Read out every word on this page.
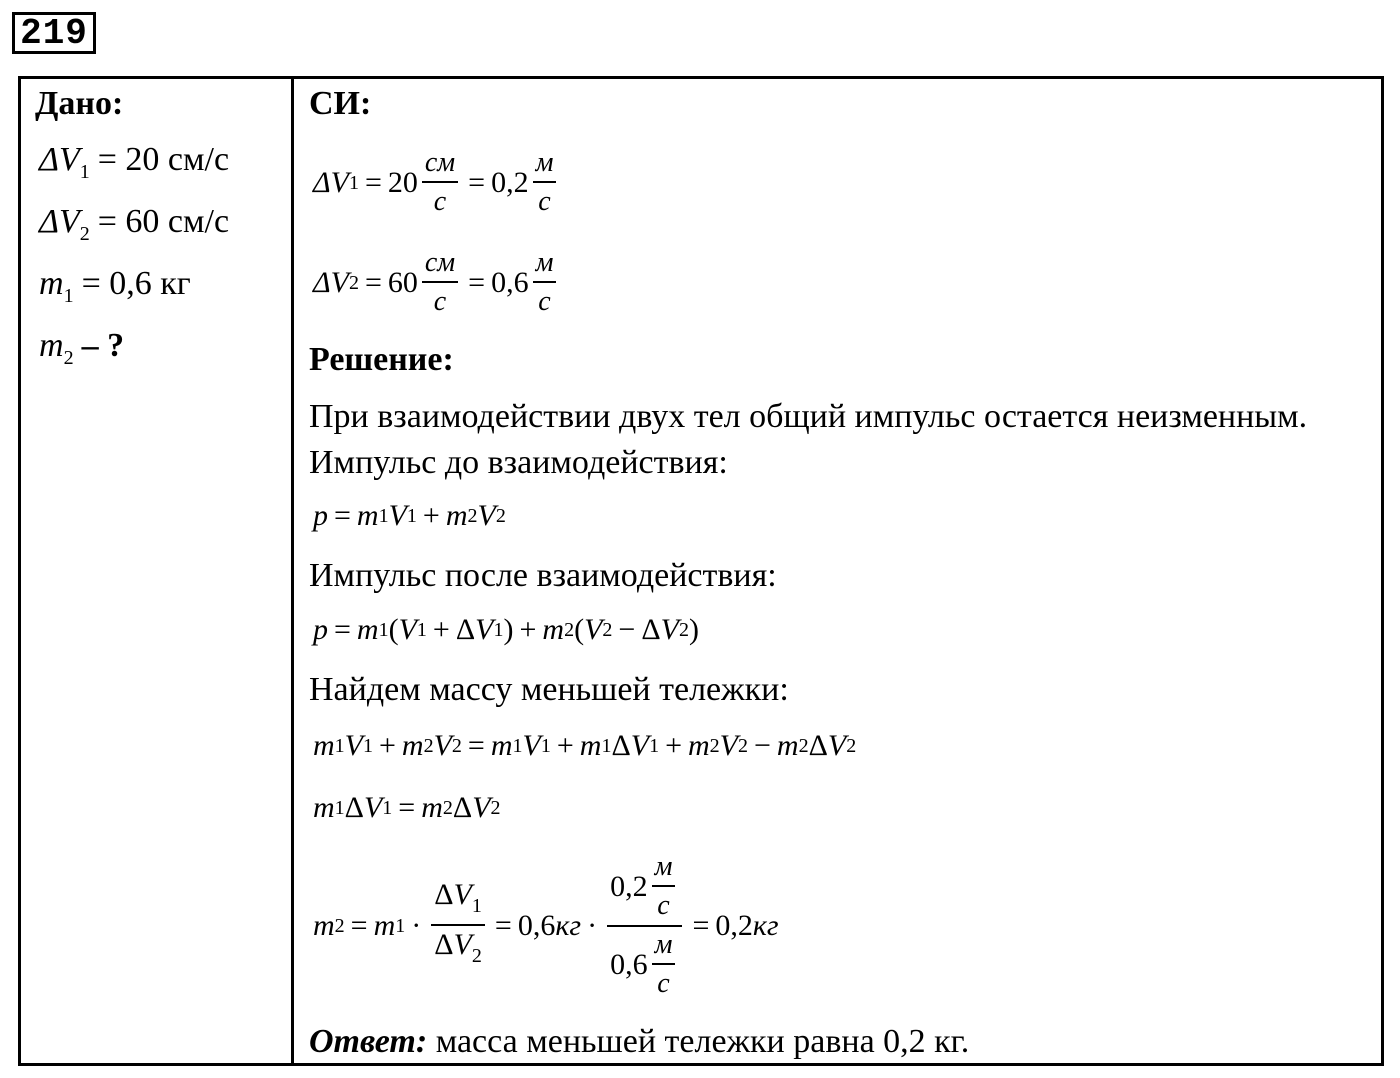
219
Дано:
$\Delta V_1 = 20$ см/с
$\Delta V_2 = 60$ см/с
$m_1 = 0,6$ кг
$m_2$ – ?
СИ:
ΔV $1 = 20 \frac{см}{с} = 0,2 \frac{м}{с}$
ΔV $2 = 60 \frac{см}{с} = 0,6 \frac{м}{с}$
Решение:
При взаимодействии двух тел общий импульс остается неизменным. Импульс до взаимодействия:
p = m 1 V 1 + m 2 V 2
Импульс после взаимодействия:
p = m 1 ( V 1 + Δ V 1 ) + m 2 ( V 2 − Δ V 2 )
Найдем массу меньшей тележки:
m 1 V 1 + m 2 V 2 = m 1 V 1 + m 1 Δ V 1 + m 2 V 2 − m 2 Δ V 2
m 1 Δ V 1 = m 2 Δ V 2
m 2 = m $1 \cdot \frac{\Delta V_1}{\Delta V_2} = 0,6$ кг · $\frac{0,2 \frac{м}{с}}{0,6 \frac{м}{с}} = 0,2$ кг
Ответ: масса меньшей тележки равна 0,2 кг.
